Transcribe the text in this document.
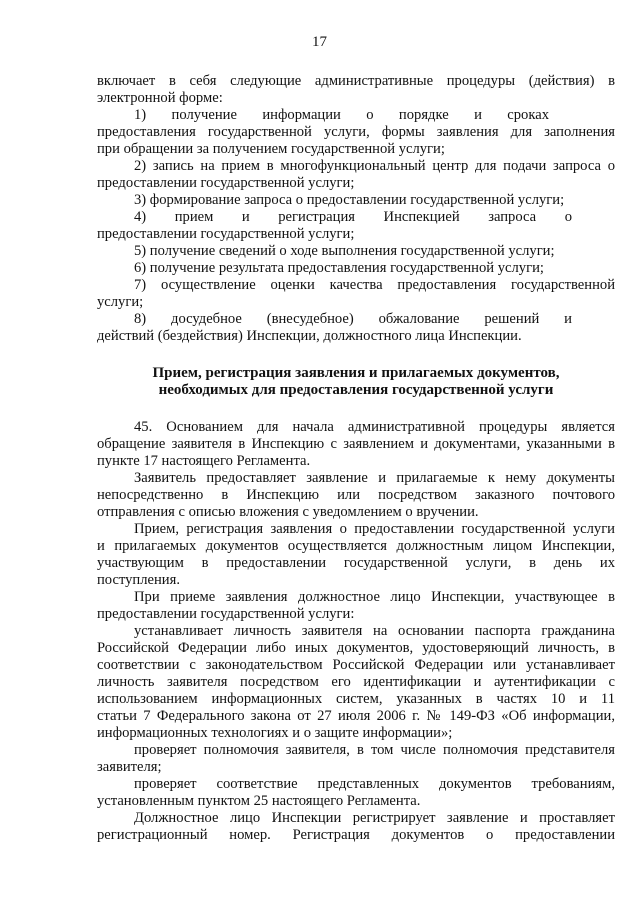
17
включает в себя следующие административные процедуры (действия) в
электронной форме:
1) получение информации о порядке и сроках
предоставления государственной услуги, формы заявления для заполнения
при обращении за получением государственной услуги;
2) запись на прием в многофункциональный центр для подачи запроса о
предоставлении государственной услуги;
3) формирование запроса о предоставлении государственной услуги;
4) прием и регистрация Инспекцией запроса о
предоставлении государственной услуги;
5) получение сведений о ходе выполнения государственной услуги;
6) получение результата предоставления государственной услуги;
7) осуществление оценки качества предоставления государственной
услуги;
8) досудебное (внесудебное) обжалование решений и
действий (бездействия) Инспекции, должностного лица Инспекции.
Прием, регистрация заявления и прилагаемых документов,
необходимых для предоставления государственной услуги
45. Основанием для начала административной процедуры является
обращение заявителя в Инспекцию с заявлением и документами, указанными в
пункте 17 настоящего Регламента.
Заявитель предоставляет заявление и прилагаемые к нему документы
непосредственно в Инспекцию или посредством заказного почтового
отправления с описью вложения с уведомлением о вручении.
Прием, регистрация заявления о предоставлении государственной услуги
и прилагаемых документов осуществляется должностным лицом Инспекции,
участвующим в предоставлении государственной услуги, в день их
поступления.
При приеме заявления должностное лицо Инспекции, участвующее в
предоставлении государственной услуги:
устанавливает личность заявителя на основании паспорта гражданина
Российской Федерации либо иных документов, удостоверяющий личность, в
соответствии с законодательством Российской Федерации или устанавливает
личность заявителя посредством его идентификации и аутентификации с
использованием информационных систем, указанных в частях 10 и 11
статьи 7 Федерального закона от 27 июля 2006 г. № 149-ФЗ «Об информации,
информационных технологиях и о защите информации»;
проверяет полномочия заявителя, в том числе полномочия представителя
заявителя;
проверяет соответствие представленных документов требованиям,
установленным пунктом 25 настоящего Регламента.
Должностное лицо Инспекции регистрирует заявление и проставляет
регистрационный номер. Регистрация документов о предоставлении
